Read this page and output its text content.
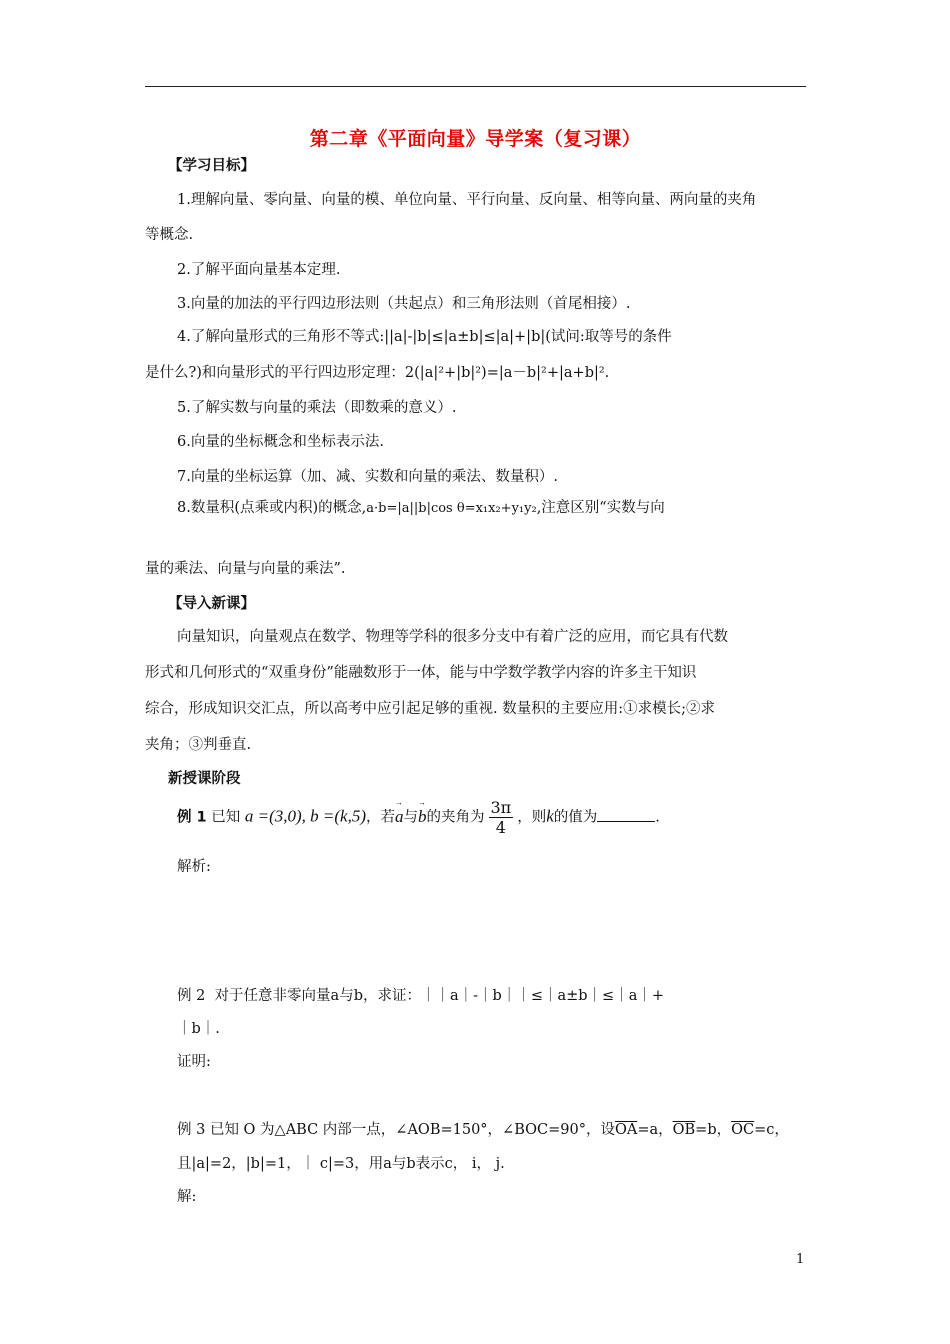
第二章《平面向量》导学案（复习课）
【学习目标】
1.理解向量、零向量、向量的模、单位向量、平行向量、反向量、相等向量、两向量的夹角
等概念.
2.了解平面向量基本定理.
3.向量的加法的平行四边形法则（共起点）和三角形法则（首尾相接）.
4.了解向量形式的三角形不等式:||a|-|b|≤|a±b|≤|a|+|b|(试问:取等号的条件
是什么?)和向量形式的平行四边形定理：2(|a|²+|b|²)=|a－b|²+|a+b|².
5.了解实数与向量的乘法（即数乘的意义）.
6.向量的坐标概念和坐标表示法.
7.向量的坐标运算（加、减、实数和向量的乘法、数量积）.
8.数量积(点乘或内积)的概念,a·b=|a||b|cos θ=x₁x₂+y₁y₂,注意区别“实数与向
量的乘法、向量与向量的乘法”.
【导入新课】
向量知识，向量观点在数学、物理等学科的很多分支中有着广泛的应用，而它具有代数
形式和几何形式的“双重身份”能融数形于一体，能与中学数学教学内容的许多主干知识
综合，形成知识交汇点，所以高考中应引起足够的重视. 数量积的主要应用:①求模长;②求
夹角；③判垂直.
新授课阶段
例 1 已知 a =(3,0), b =(k,5)，若→ a与→ b的夹角为 $\frac{3\pi}{4}$ ，则k的值为	.
解析:
例 2 对于任意非零向量a与b，求证：｜｜a｜-｜b｜｜≤｜a±b｜≤｜a｜+
｜b｜.
证明:
例 3 已知 O 为△ABC 内部一点，∠AOB=150°，∠BOC=90°，设$\overline{OA}=a$，$\overline{OB}=b$，$\overline{OC}=c$，
且|a|=2，|b|=1，｜ c|=3，用a与b表示c， i， j.
解:
1
